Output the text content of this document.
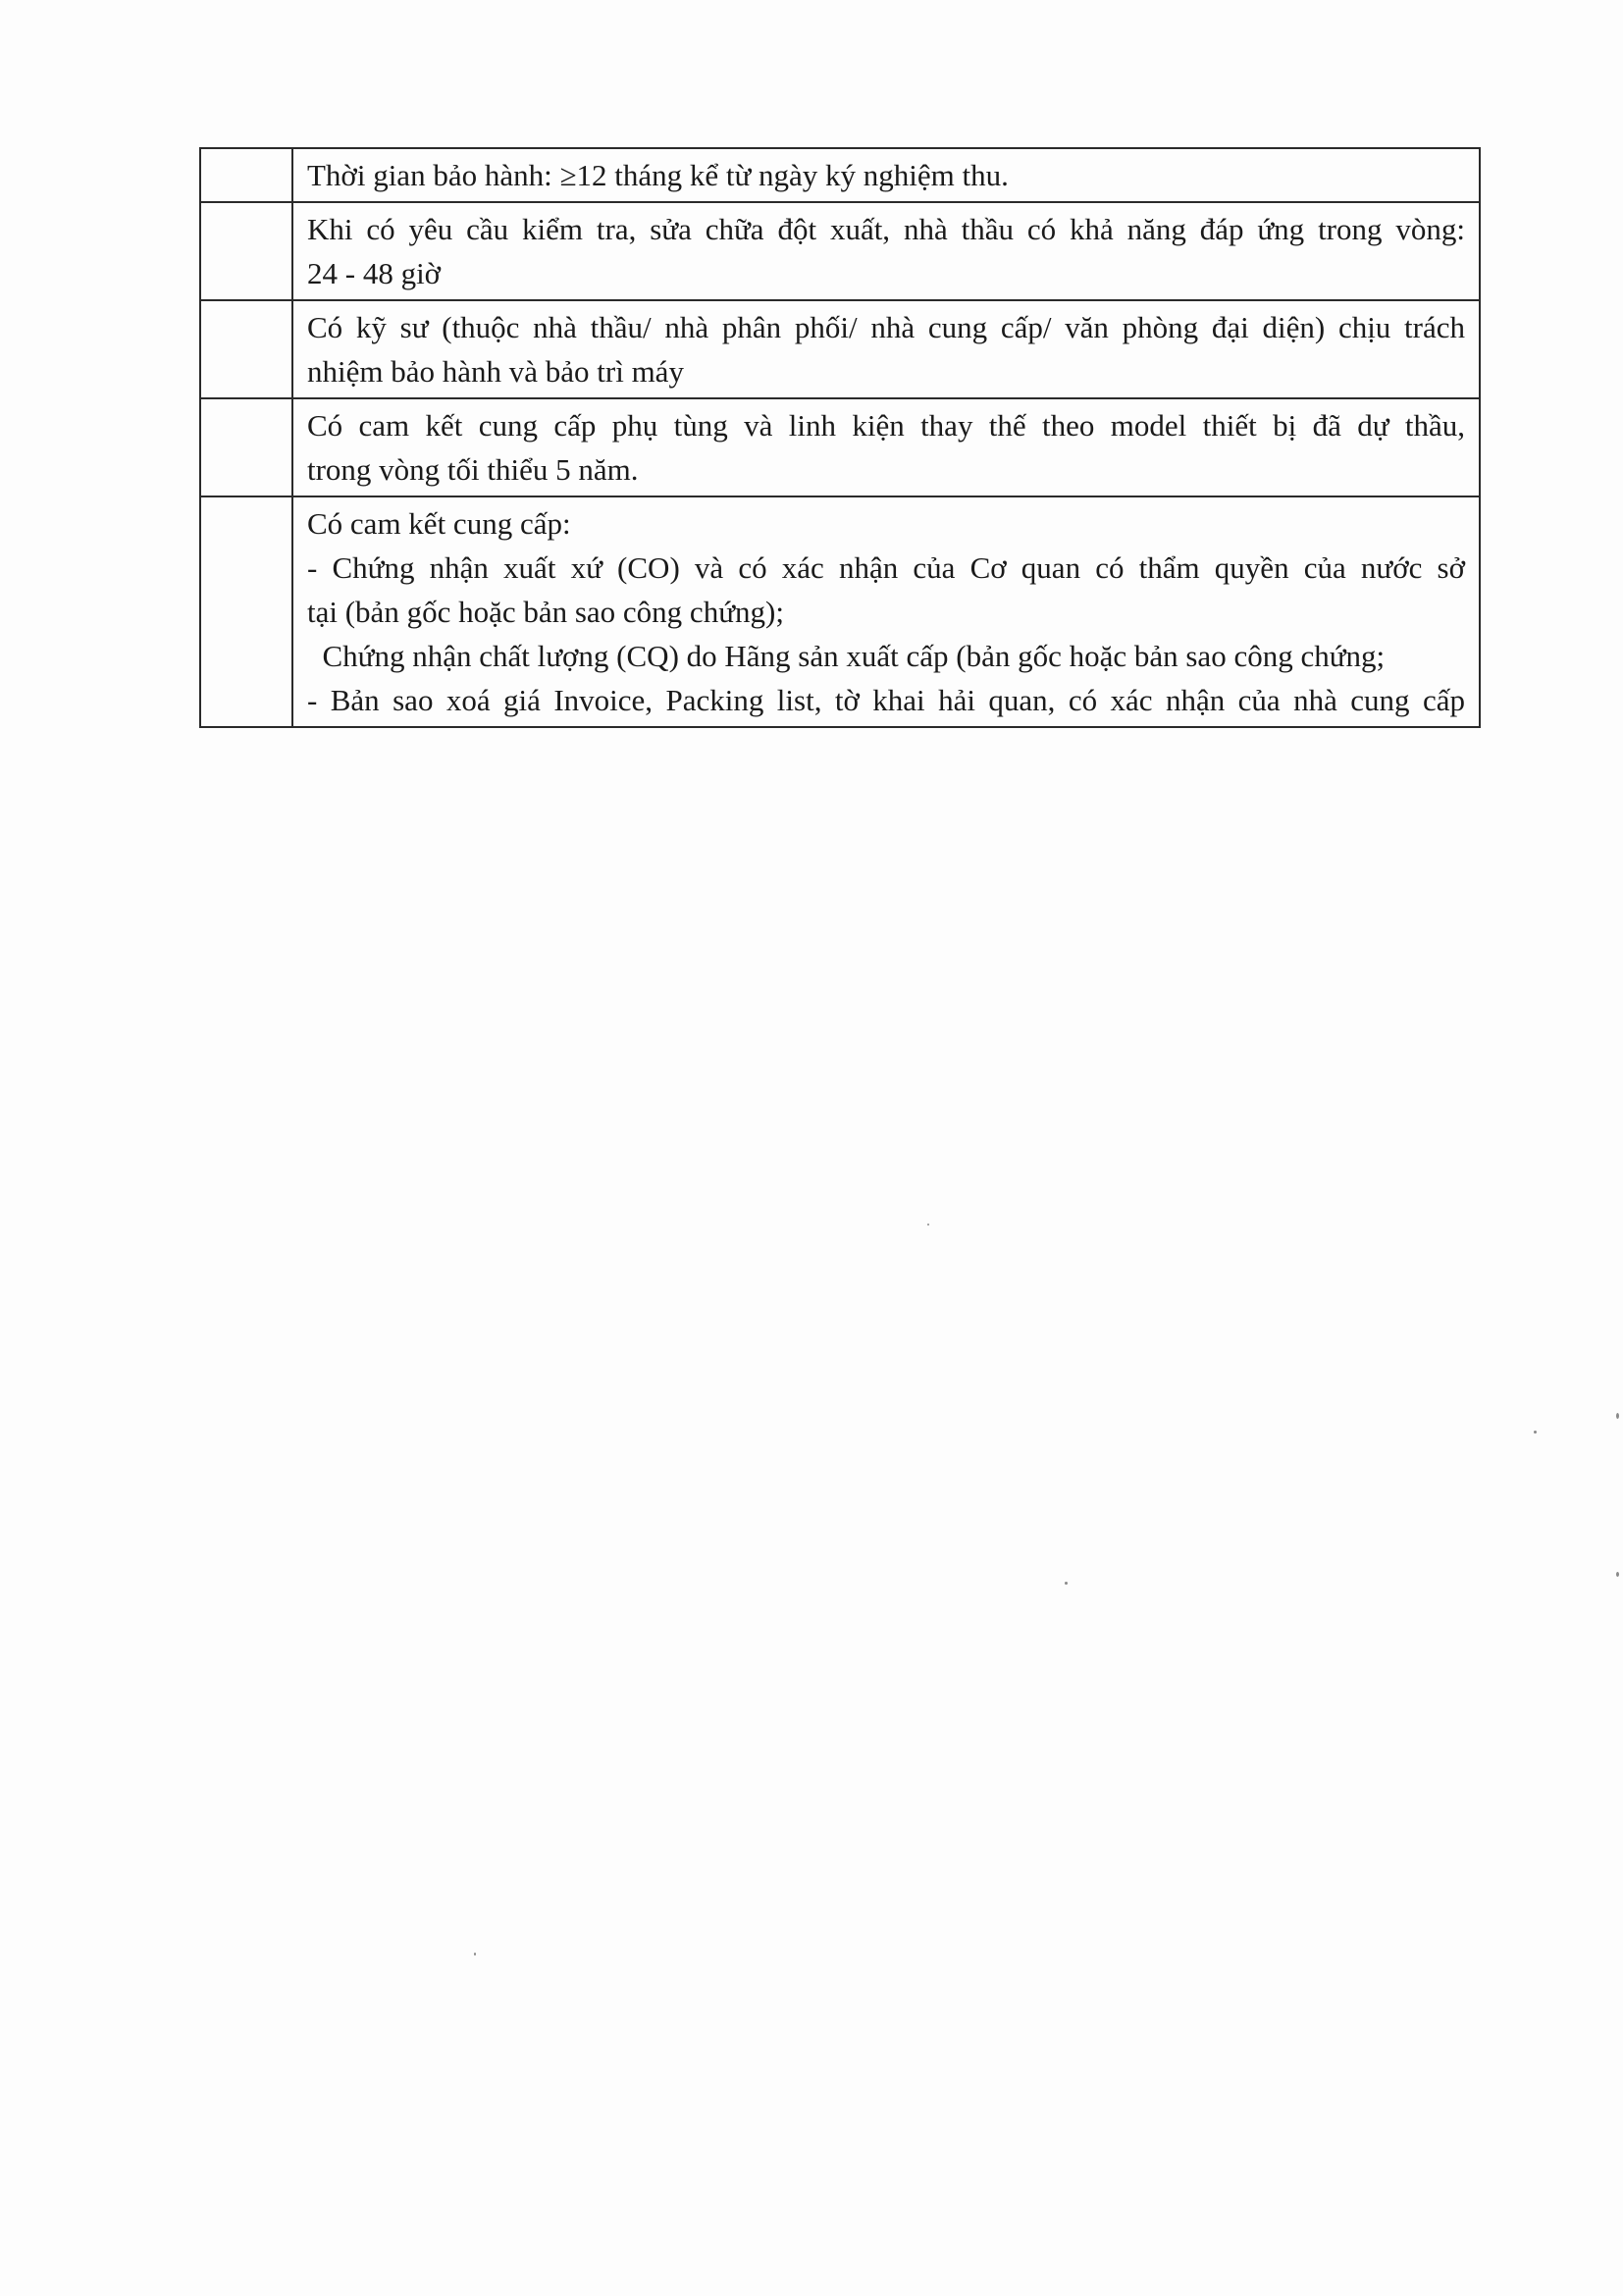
	Thời gian bảo hành: ≥12 tháng kể từ ngày ký nghiệm thu.

	Khi có yêu cầu kiểm tra, sửa chữa đột xuất, nhà thầu có khả năng đáp ứng trong vòng:
24 - 48 giờ

	Có kỹ sư (thuộc nhà thầu/ nhà phân phối/ nhà cung cấp/ văn phòng đại diện) chịu trách
nhiệm bảo hành và bảo trì máy

	Có cam kết cung cấp phụ tùng và linh kiện thay thế theo model thiết bị đã dự thầu,
trong vòng tối thiểu 5 năm.

	Có cam kết cung cấp:
- Chứng nhận xuất xứ (CO) và có xác nhận của Cơ quan có thẩm quyền của nước sở
tại (bản gốc hoặc bản sao công chứng);
Chứng nhận chất lượng (CQ) do Hãng sản xuất cấp (bản gốc hoặc bản sao công chứng;
- Bản sao xoá giá Invoice, Packing list, tờ khai hải quan, có xác nhận của nhà cung cấp
